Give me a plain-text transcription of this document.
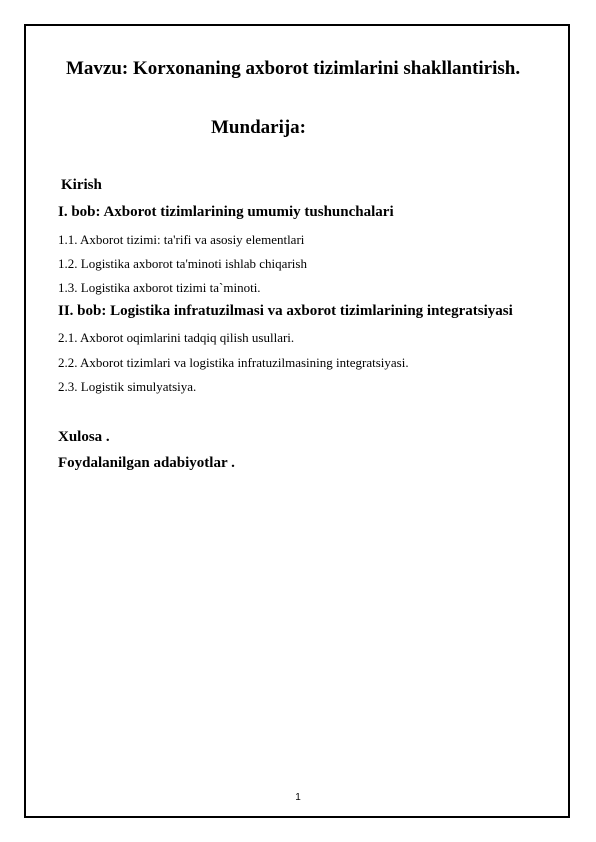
Mavzu: Korxonaning axborot tizimlarini shakllantirish.
Mundarija:
Kirish
I. bob: Axborot tizimlarining umumiy tushunchalari
1.1. Axborot tizimi: ta'rifi va asosiy elementlari
1.2. Logistika axborot ta'minoti ishlab chiqarish
1.3. Logistika axborot tizimi ta`minoti.
II. bob: Logistika infratuzilmasi va axborot tizimlarining integratsiyasi
2.1. Axborot oqimlarini tadqiq qilish usullari.
2.2. Axborot tizimlari va logistika infratuzilmasining integratsiyasi.
2.3. Logistik simulyatsiya.
Xulosa .
Foydalanilgan adabiyotlar .
1
